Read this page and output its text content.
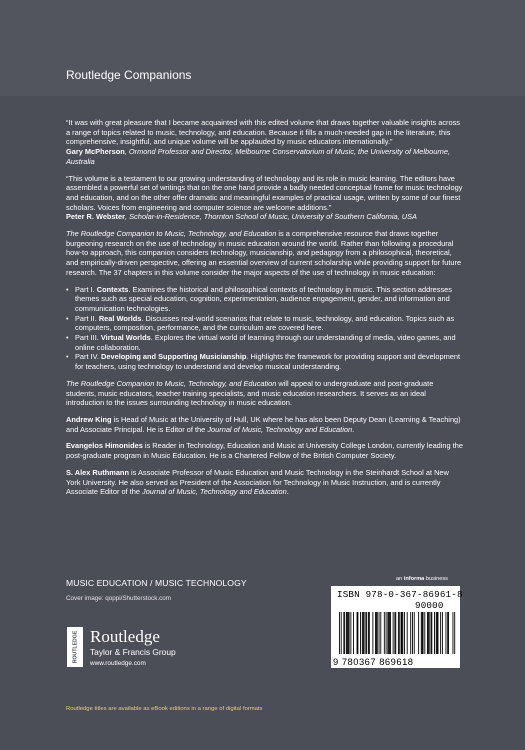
Routledge Companions

“It was with great pleasure that I became acquainted with this edited volume that draws together valuable insights across a range of topics related to music, technology, and education. Because it fills a much-needed gap in the literature, this comprehensive, insightful, and unique volume will be applauded by music educators internationally.”
Gary McPherson, Ormond Professor and Director, Melbourne Conservatorium of Music, the University of Melbourne, Australia

“This volume is a testament to our growing understanding of technology and its role in music learning. The editors have assembled a powerful set of writings that on the one hand provide a badly needed conceptual frame for music technology and education, and on the other offer dramatic and meaningful examples of practical usage, written by some of our finest scholars. Voices from engineering and computer science are welcome additions.”
Peter R. Webster, Scholar-in-Residence, Thornton School of Music, University of Southern California, USA

The Routledge Companion to Music, Technology, and Education is a comprehensive resource that draws together burgeoning research on the use of technology in music education around the world. Rather than following a procedural how-to approach, this companion considers technology, musicianship, and pedagogy from a philosophical, theoretical, and empirically-driven perspective, offering an essential overview of current scholarship while providing support for future research. The 37 chapters in this volume consider the major aspects of the use of technology in music education:

• Part I. Contexts. Examines the historical and philosophical contexts of technology in music. This section addresses themes such as special education, cognition, experimentation, audience engagement, gender, and information and communication technologies.
• Part II. Real Worlds. Discusses real-world scenarios that relate to music, technology, and education. Topics such as computers, composition, performance, and the curriculum are covered here.
• Part III. Virtual Worlds. Explores the virtual world of learning through our understanding of media, video games, and online collaboration.
• Part IV. Developing and Supporting Musicianship. Highlights the framework for providing support and development for teachers, using technology to understand and develop musical understanding.

The Routledge Companion to Music, Technology, and Education will appeal to undergraduate and post-graduate students, music educators, teacher training specialists, and music education researchers. It serves as an ideal introduction to the issues surrounding technology in music education.

Andrew King is Head of Music at the University of Hull, UK where he has also been Deputy Dean (Learning & Teaching) and Associate Principal. He is Editor of the Journal of Music, Technology and Education.

Evangelos Himonides is Reader in Technology, Education and Music at University College London, currently leading the post-graduate program in Music Education. He is a Chartered Fellow of the British Computer Society.

S. Alex Ruthmann is Associate Professor of Music Education and Music Technology in the Steinhardt School at New York University. He also served as President of the Association for Technology in Music Instruction, and is currently Associate Editor of the Journal of Music, Technology and Education.

MUSIC EDUCATION / MUSIC TECHNOLOGY
Cover image: qoppi/Shutterstock.com
ROUTLEDGE Routledge
Taylor & Francis Group
www.routledge.com
an informa business
ISBN 978-0-367-86961-8
90000
9 780367 869618
Routledge titles are available as eBook editions in a range of digital formats
